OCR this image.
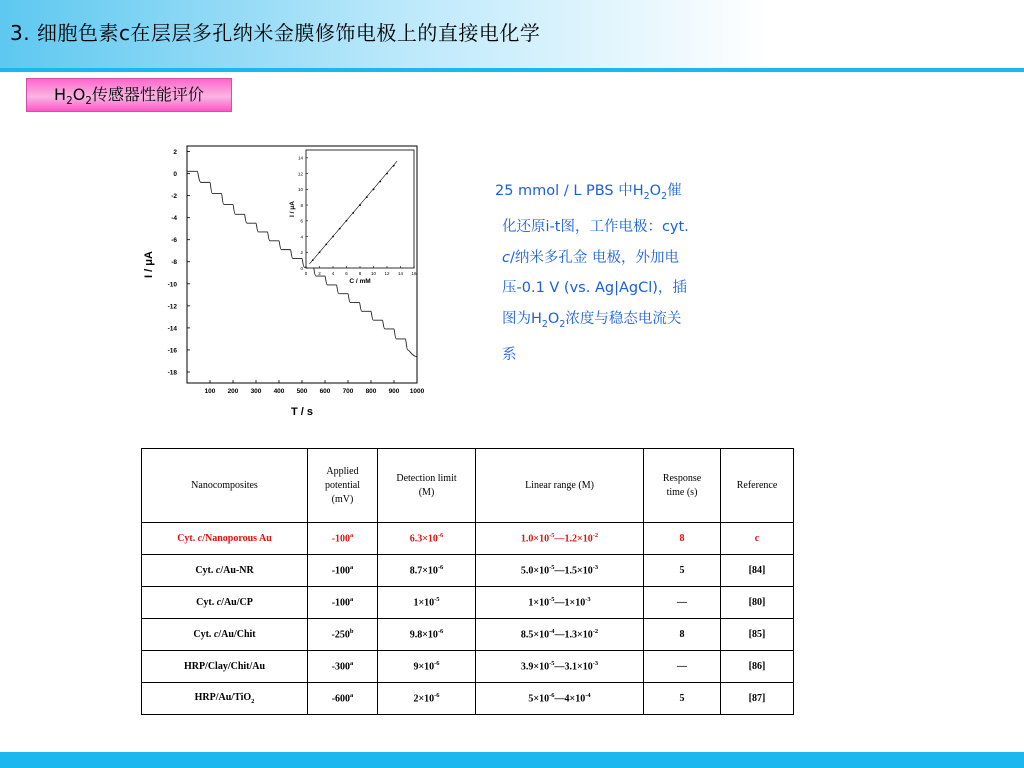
3. 细胞色素c在层层多孔纳米金膜修饰电极上的直接电化学
$H_2O_2$传感器性能评价
2
0
-2
-4
-6
-8
-10
-12
-14
-16
-18
100 200 300 400 500 600 700 800 900 1000
T / s
I / μA	0
2
4
6
8
10
12
14
0 2 4 6 8 10 12 14 16
C / mM
I / μA
25 mmol / L PBS 中$H_2O_2$催
化还原i-t图，工作电极：cyt.
c/纳米多孔金 电极，外加电
压-0.1 V (vs. Ag|AgCl)，插
图为$H_2O_2$浓度与稳态电流关
系
Nanocomposites	Applied
potential
(mV)	Detection limit
(M)	Linear range (M)	Response
time (s)	Reference
Cyt. c/Nanoporous Au	-100$^a$	$6.3\times 10^{-6}$	$1.0\times 10^{-5}—1.2\times 10^{-2}$	8	c
Cyt. c/Au-NR	-100$^a$	$8.7\times 10^{-6}$	$5.0\times 10^{-5}—1.5\times 10^{-3}$	5	[84]
Cyt. c/Au/CP	-100$^a$	$1\times 10^{-5}$	$1\times 10^{-5}—1\times 10^{-3}$	—	[80]
Cyt. c/Au/Chit	-250$^b$	$9.8\times 10^{-6}$	$8.5\times 10^{-4}—1.3\times 10^{-2}$	8	[85]
HRP/Clay/Chit/Au	-300$^a$	$9\times 10^{-6}$	$3.9\times 10^{-5}—3.1\times 10^{-3}$	—	[86]
HRP/Au/TiO$_2$	-600$^a$	$2\times 10^{-6}$	$5\times 10^{-6}—4\times 10^{-4}$	5	[87]
